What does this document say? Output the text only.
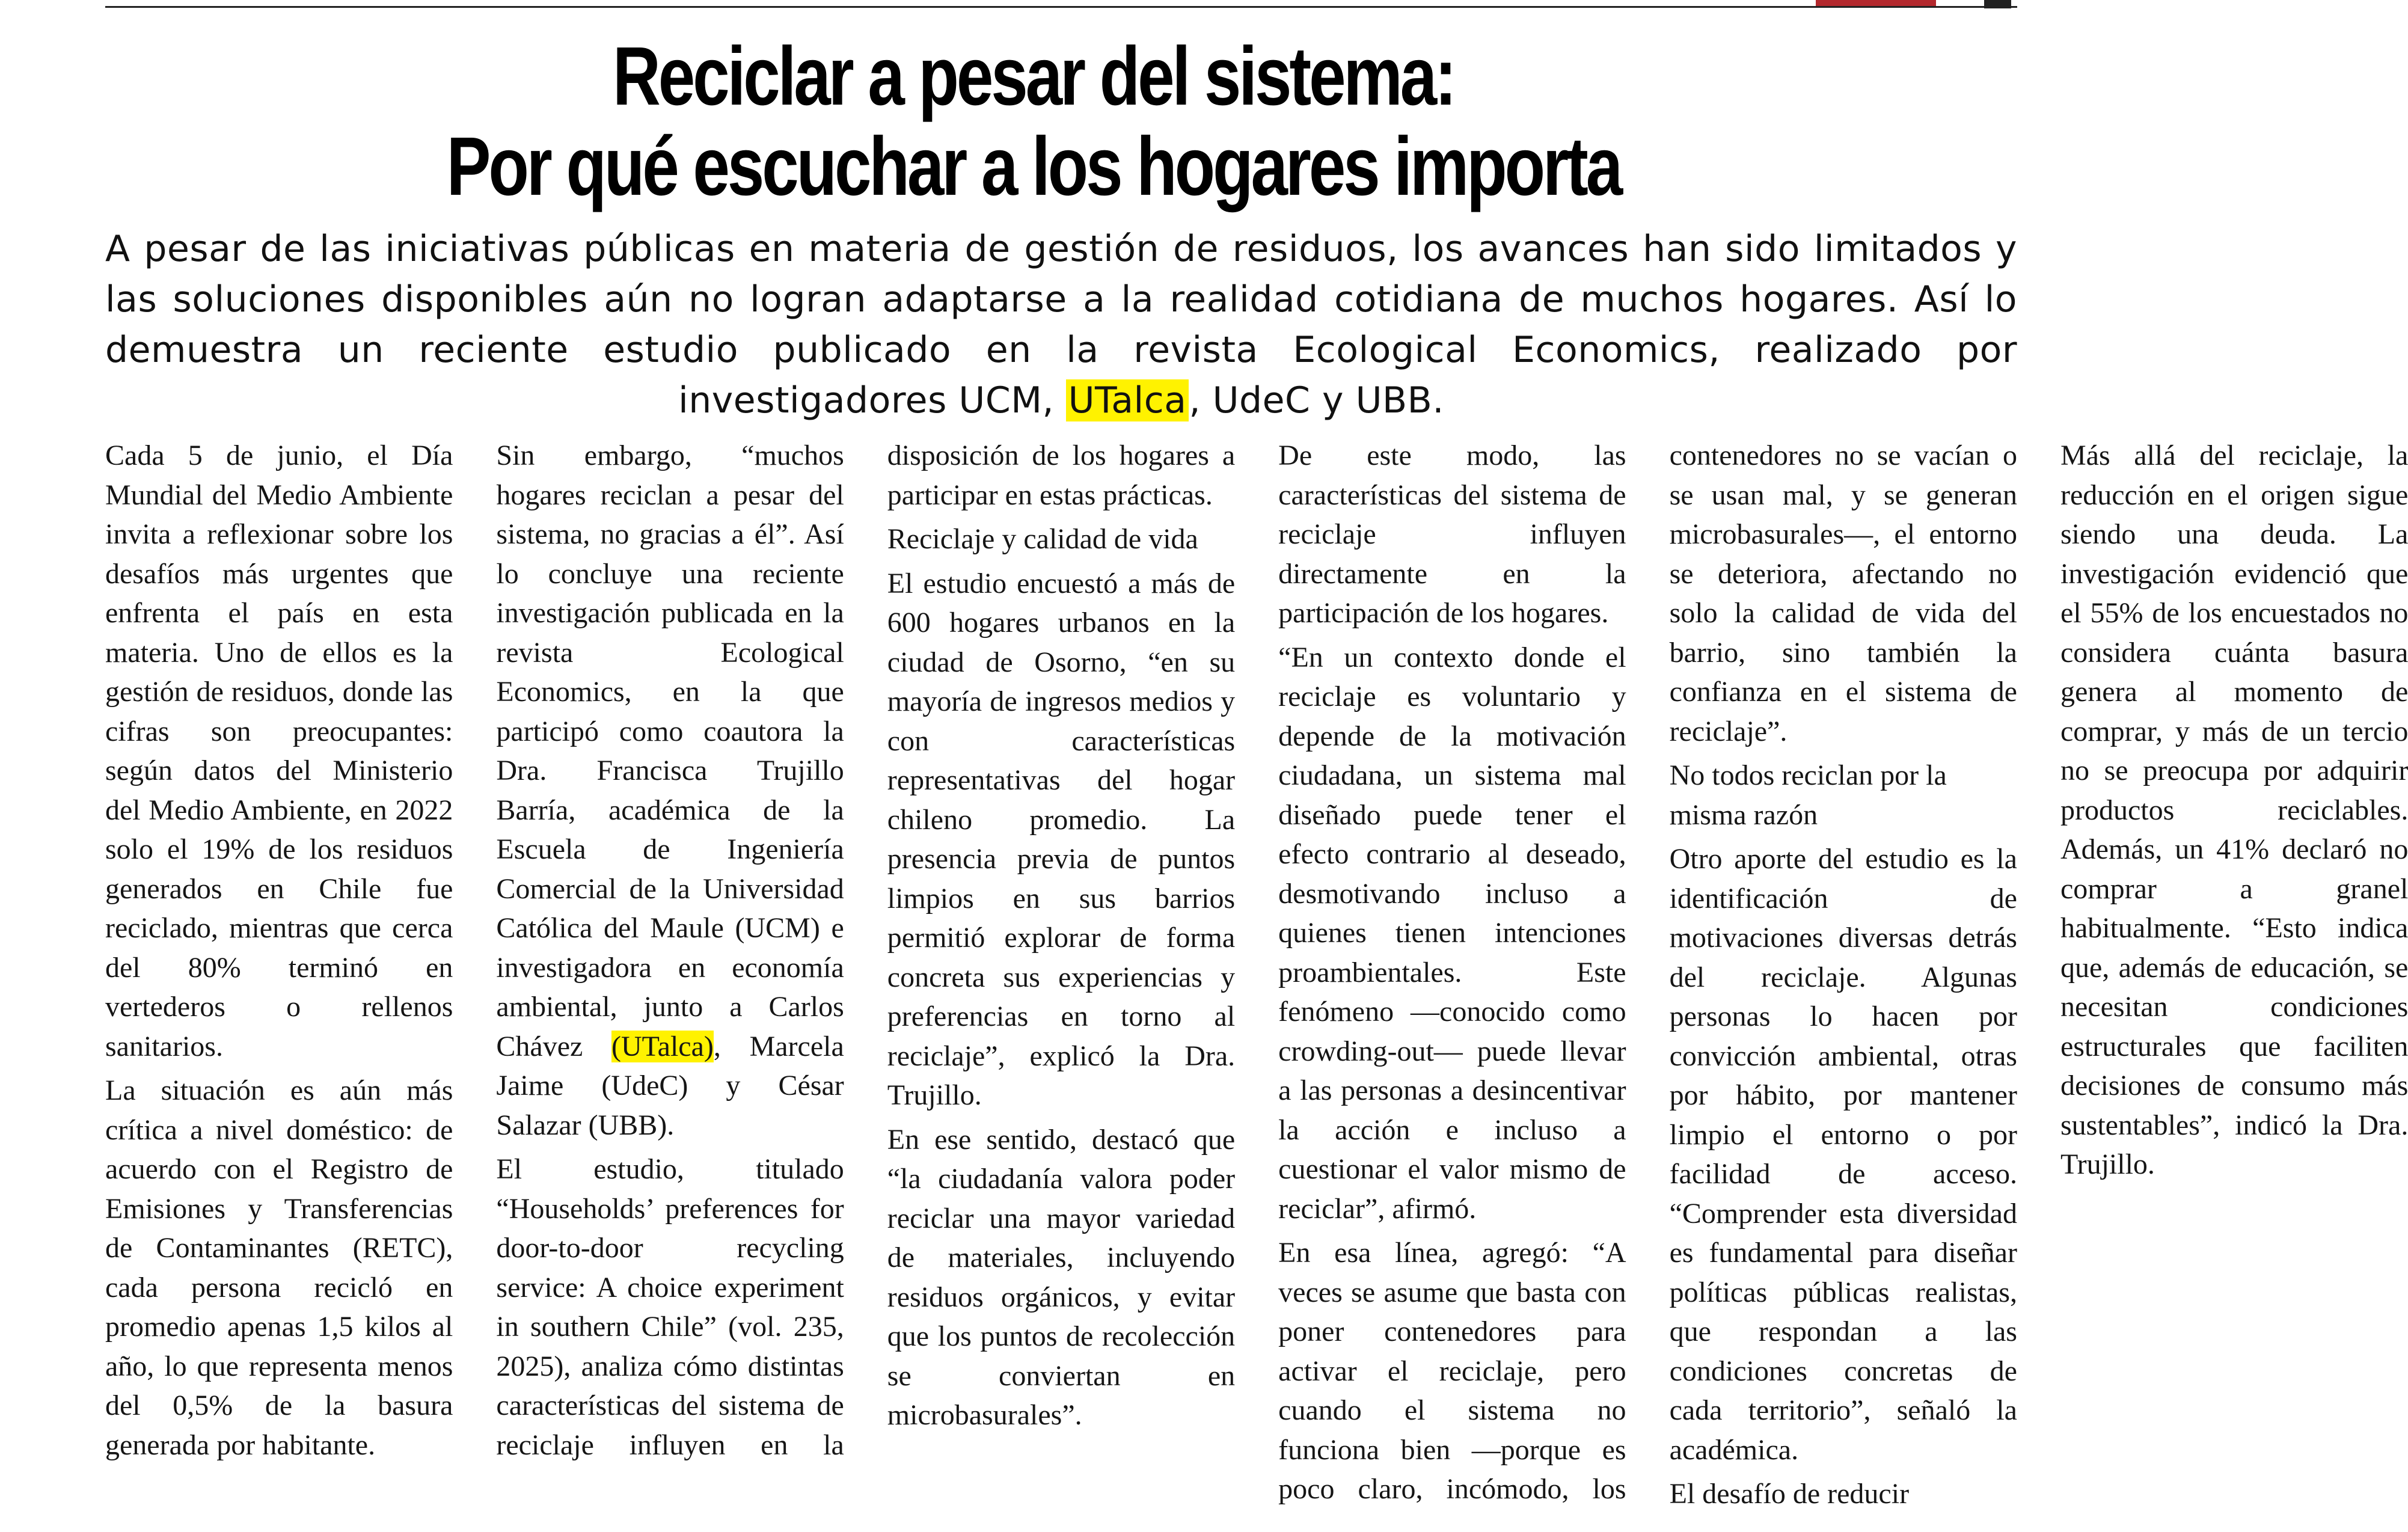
Reciclar a pesar del sistema:
Por qué escuchar a los hogares importa
A pesar de las iniciativas públicas en materia de gestión de residuos, los avances han sido limitados y las soluciones disponibles aún no logran adaptarse a la realidad cotidiana de muchos hogares. Así lo demuestra un reciente estudio publicado en la revista Ecological Economics, realizado por investigadores UCM, UTalca, UdeC y UBB.

Cada 5 de junio, el Día Mundial del Medio Ambiente invita a reflexionar sobre los desafíos más urgentes que enfrenta el país en esta materia. Uno de ellos es la gestión de residuos, donde las cifras son preocupantes: según datos del Ministerio del Medio Ambiente, en 2022 solo el 19% de los residuos generados en Chile fue reciclado, mientras que cerca del 80% terminó en vertederos o rellenos sanitarios.

La situación es aún más crítica a nivel doméstico: de acuerdo con el Registro de Emisiones y Transferencias de Contaminantes (RETC), cada persona recicló en promedio apenas 1,5 kilos al año, lo que representa menos del 0,5% de la basura generada por habitante.

Sin embargo, “muchos hogares reciclan a pesar del sistema, no gracias a él”. Así lo concluye una reciente investigación publicada en la revista Ecological Economics, en la que participó como coautora la Dra. Francisca Trujillo Barría, académica de la Escuela de Ingeniería Comercial de la Universidad Católica del Maule (UCM) e investigadora en economía ambiental, junto a Carlos Chávez (UTalca), Marcela Jaime (UdeC) y César Salazar (UBB).

El estudio, titulado “Households’ preferences for door-to-door recycling service: A choice experiment in southern Chile” (vol. 235, 2025), analiza cómo distintas características del sistema de reciclaje influyen en la disposición de los hogares a participar en estas prácticas.

Reciclaje y calidad de vida

El estudio encuestó a más de 600 hogares urbanos en la ciudad de Osorno, “en su mayoría de ingresos medios y con características representativas del hogar chileno promedio. La presencia previa de puntos limpios en sus barrios permitió explorar de forma concreta sus experiencias y preferencias en torno al reciclaje”, explicó la Dra. Trujillo.

En ese sentido, destacó que “la ciudadanía valora poder reciclar una mayor variedad de materiales, incluyendo residuos orgánicos, y evitar que los puntos de recolección se conviertan en microbasurales”.

De este modo, las características del sistema de reciclaje influyen directamente en la participación de los hogares.

“En un contexto donde el reciclaje es voluntario y depende de la motivación ciudadana, un sistema mal diseñado puede tener el efecto contrario al deseado, desmotivando incluso a quienes tienen intenciones proambientales. Este fenómeno —conocido como crowding-out— puede llevar a las personas a desincentivar la acción e incluso a cuestionar el valor mismo de reciclar”, afirmó.

En esa línea, agregó: “A veces se asume que basta con poner contenedores para activar el reciclaje, pero cuando el sistema no funciona bien —porque es poco claro, incómodo, los contenedores no se vacían o se usan mal, y se generan microbasurales—, el entorno se deteriora, afectando no solo la calidad de vida del barrio, sino también la confianza en el sistema de reciclaje”.

No todos reciclan por la misma razón

Otro aporte del estudio es la identificación de motivaciones diversas detrás del reciclaje. Algunas personas lo hacen por convicción ambiental, otras por hábito, por mantener limpio el entorno o por facilidad de acceso. “Comprender esta diversidad es fundamental para diseñar políticas públicas realistas, que respondan a las condiciones concretas de cada territorio”, señaló la académica.

El desafío de reducir

Más allá del reciclaje, la reducción en el origen sigue siendo una deuda. La investigación evidenció que el 55% de los encuestados no considera cuánta basura genera al momento de comprar, y más de un tercio no se preocupa por adquirir productos reciclables. Además, un 41% declaró no comprar a granel habitualmente. “Esto indica que, además de educación, se necesitan condiciones estructurales que faciliten decisiones de consumo más sustentables”, indicó la Dra. Trujillo.
